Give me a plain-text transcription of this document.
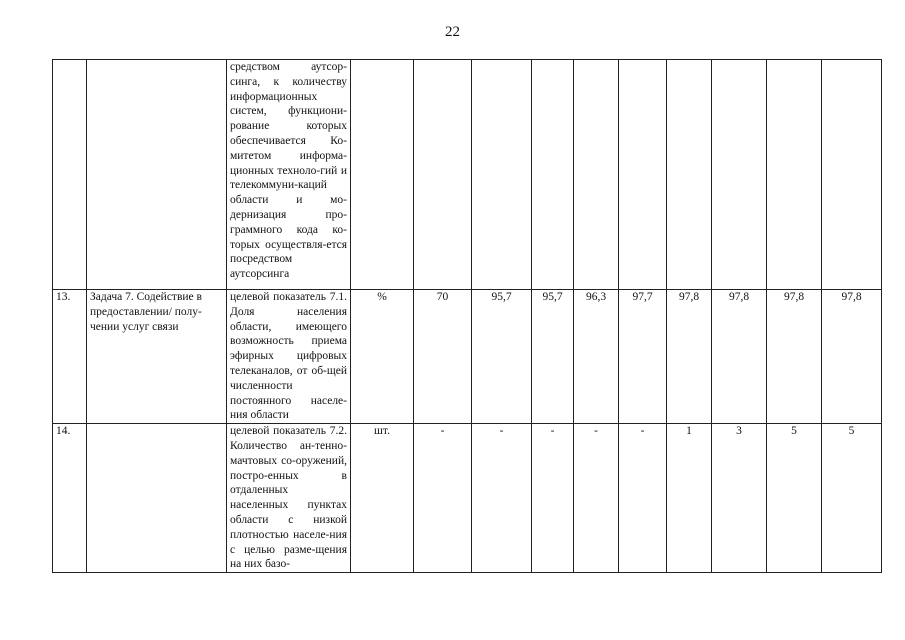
22
		средством аутсор-синга, к количеству информационных систем, функциони-рование которых обеспечивается Ко-митетом информа-ционных техноло-гий и телекоммуни-каций области и мо-дернизация про-граммного кода ко-торых осуществля-ется посредством аутсорсинга										
13.	Задача 7. Содействие в предоставлении/ полу-чении услуг связи	целевой показатель 7.1. Доля населения области, имеющего возможность приема эфирных цифровых телеканалов, от об-щей численности постоянного населе-ния области	%	70	95,7	95,7	96,3	97,7	97,8	97,8	97,8	97,8
14.		целевой показатель 7.2. Количество ан-тенно-мачтовых со-оружений, постро-енных в отдаленных населенных пунктах области с низкой плотностью населе-ния с целью разме-щения на них базо-	шт.	-	-	-	-	-	1	3	5	5
